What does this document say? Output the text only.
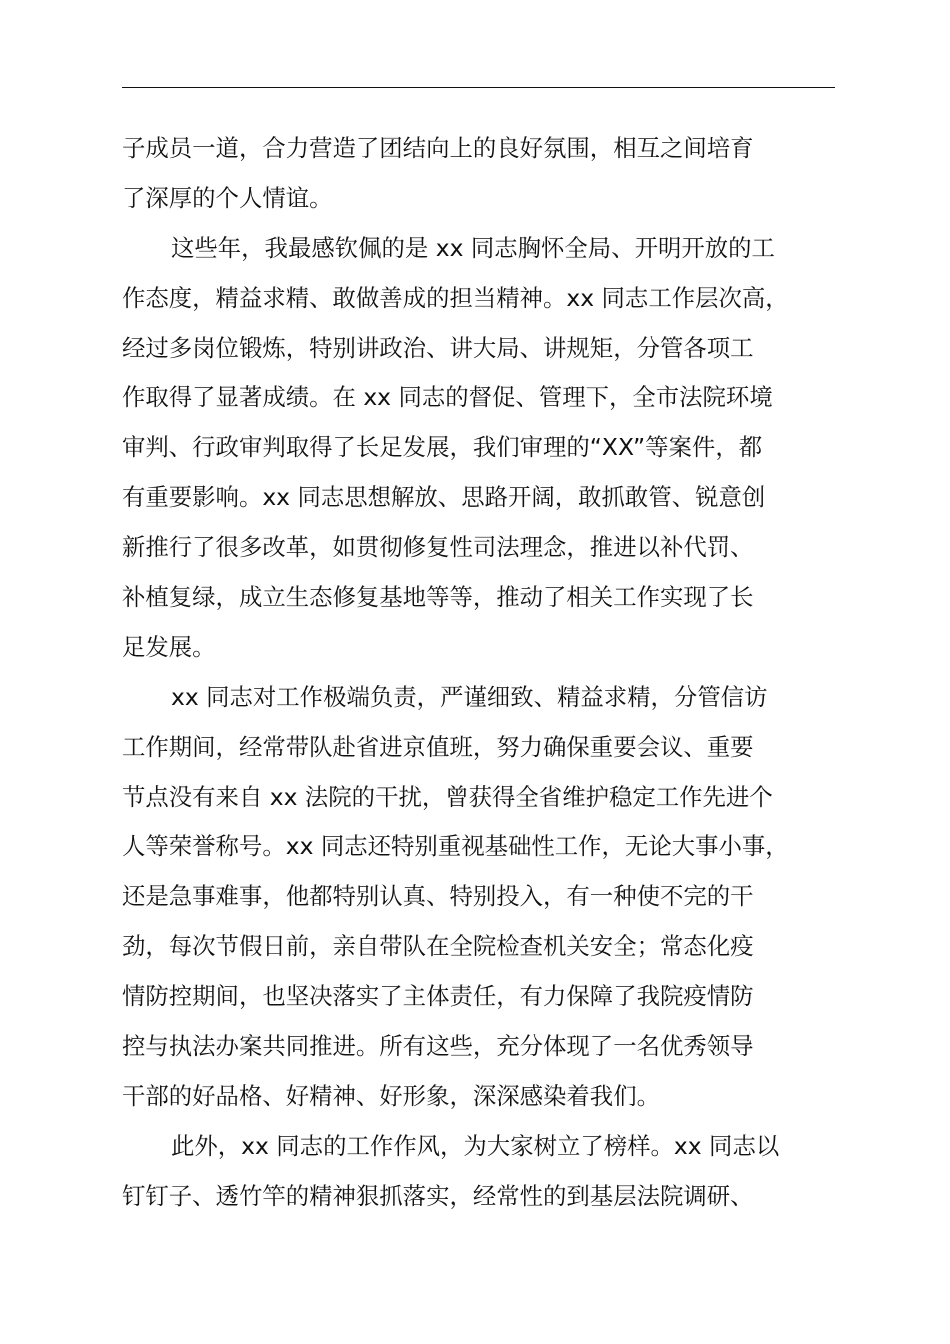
子成员一道，合力营造了团结向上的良好氛围，相互之间培育
了深厚的个人情谊。
这些年，我最感钦佩的是 xx 同志胸怀全局、开明开放的工
作态度，精益求精、敢做善成的担当精神。xx 同志工作层次高，
经过多岗位锻炼，特别讲政治、讲大局、讲规矩，分管各项工
作取得了显著成绩。在 xx 同志的督促、管理下，全市法院环境
审判、行政审判取得了长足发展，我们审理的“XX”等案件，都
有重要影响。xx 同志思想解放、思路开阔，敢抓敢管、锐意创
新推行了很多改革，如贯彻修复性司法理念，推进以补代罚、
补植复绿，成立生态修复基地等等，推动了相关工作实现了长
足发展。
xx 同志对工作极端负责，严谨细致、精益求精，分管信访
工作期间，经常带队赴省进京值班，努力确保重要会议、重要
节点没有来自 xx 法院的干扰，曾获得全省维护稳定工作先进个
人等荣誉称号。xx 同志还特别重视基础性工作，无论大事小事，
还是急事难事，他都特别认真、特别投入，有一种使不完的干
劲，每次节假日前，亲自带队在全院检查机关安全；常态化疫
情防控期间，也坚决落实了主体责任，有力保障了我院疫情防
控与执法办案共同推进。所有这些，充分体现了一名优秀领导
干部的好品格、好精神、好形象，深深感染着我们。
此外，xx 同志的工作作风，为大家树立了榜样。xx 同志以
钉钉子、透竹竿的精神狠抓落实，经常性的到基层法院调研、
